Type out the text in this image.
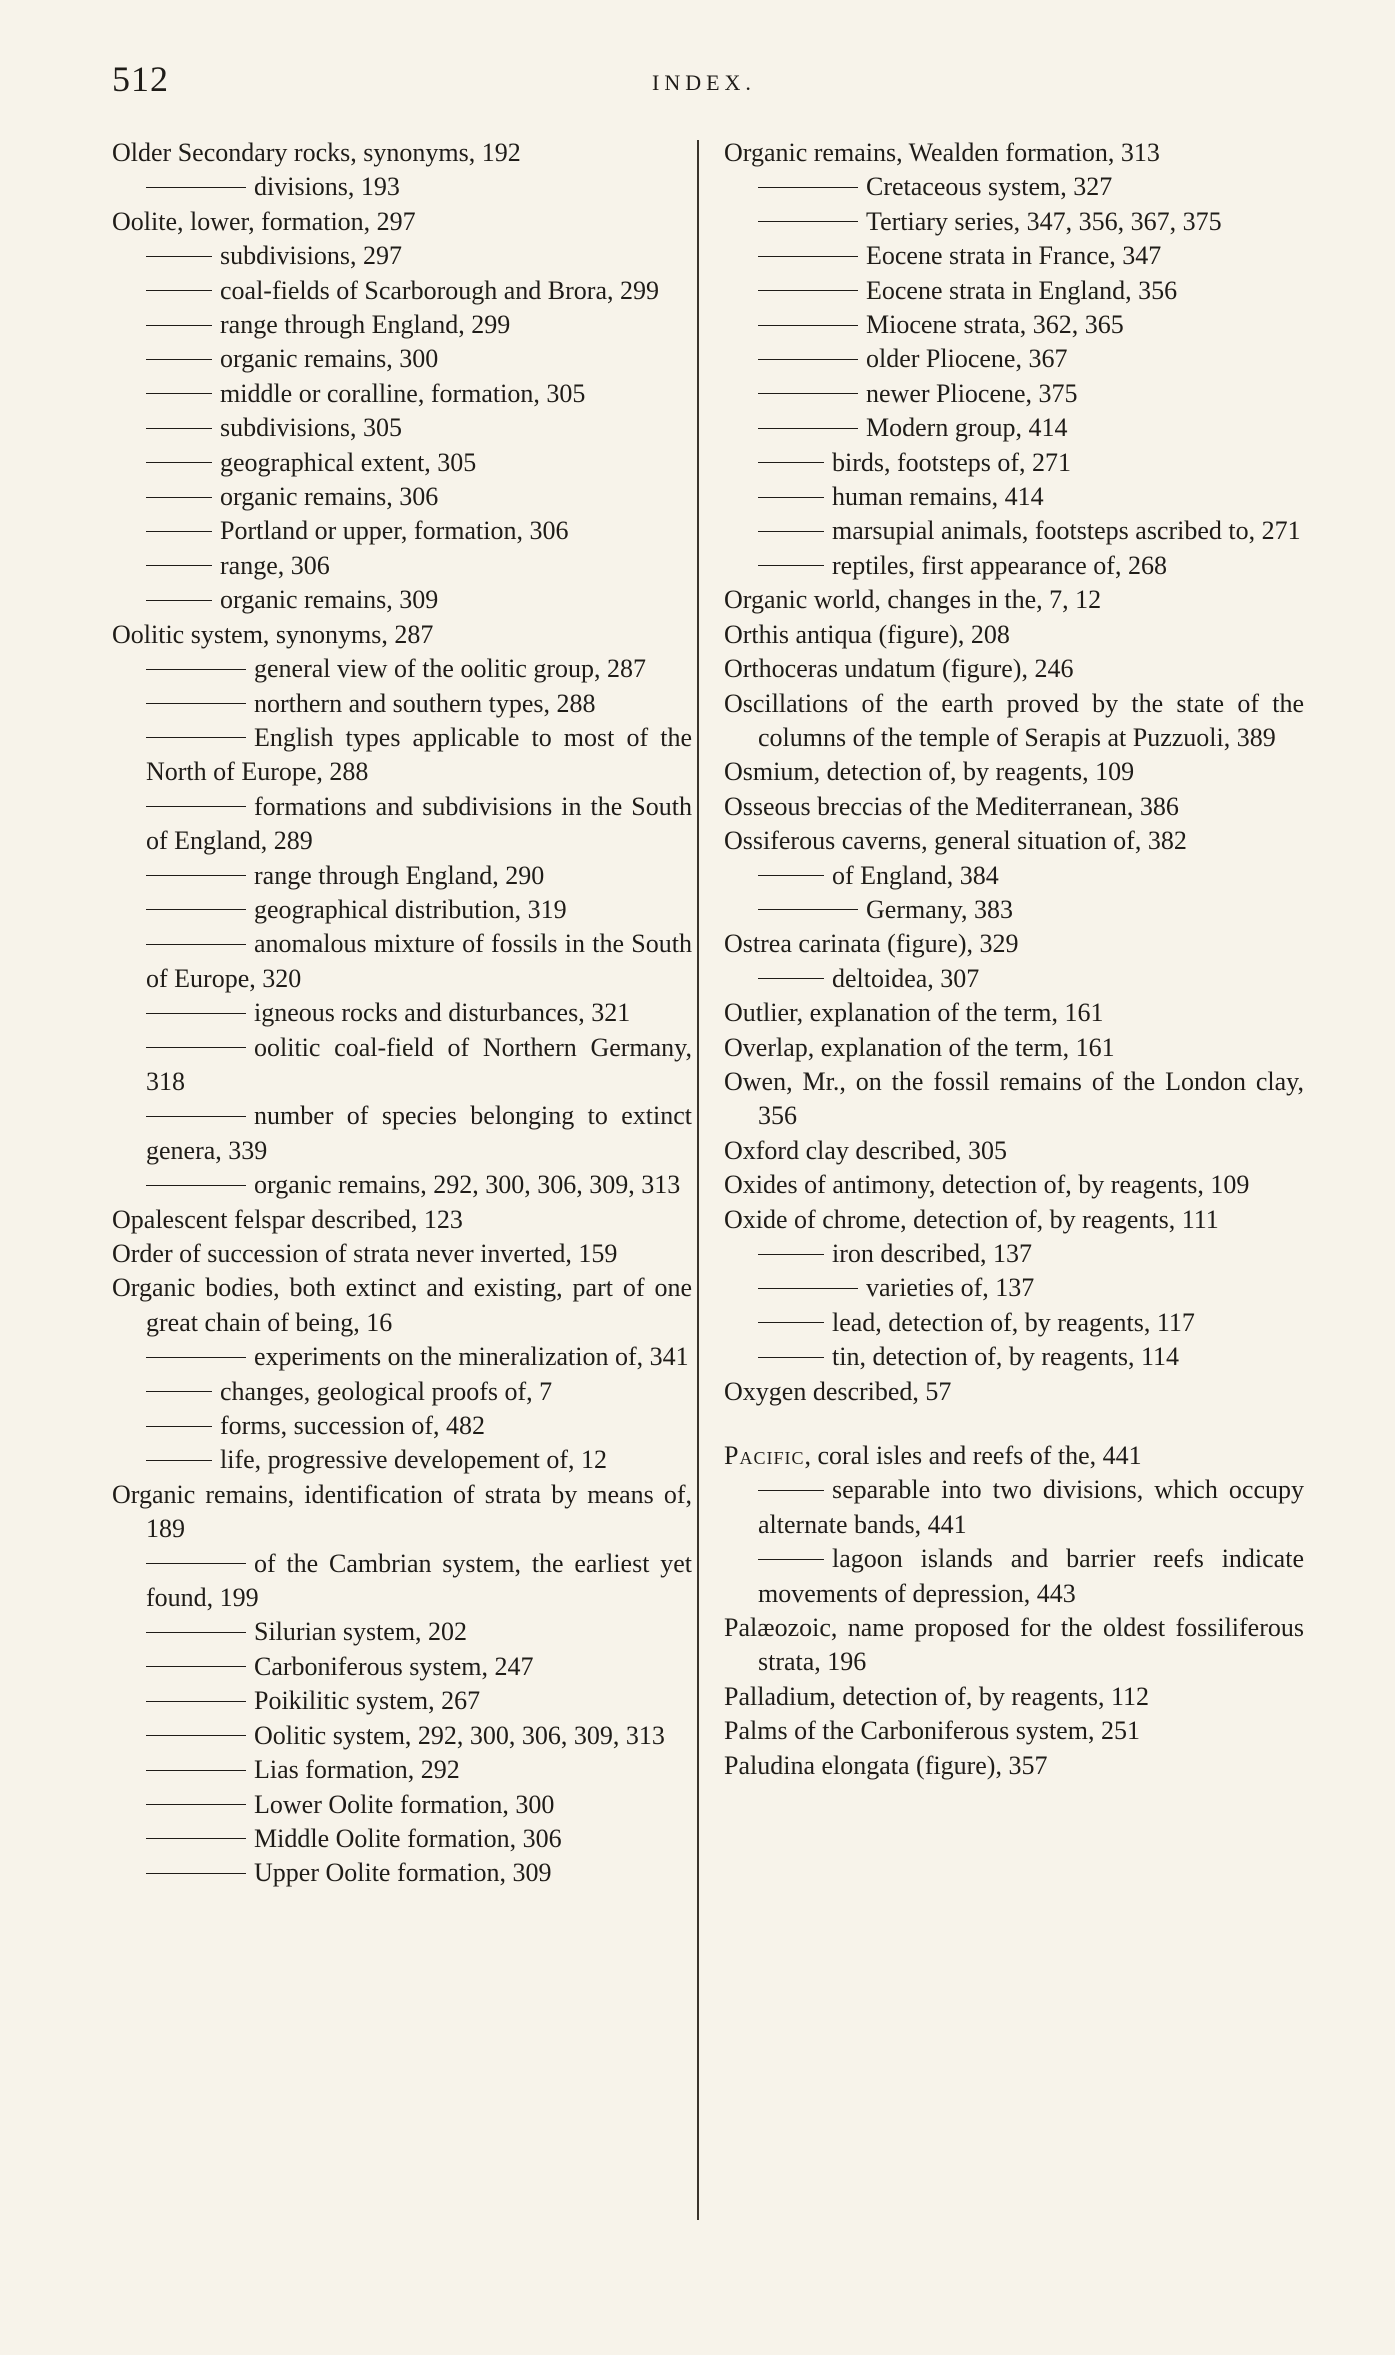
512	INDEX.
Older Secondary rocks, synonyms, 192
divisions, 193
Oolite, lower, formation, 297
subdivisions, 297
coal-fields of Scarborough and Brora, 299
range through England, 299
organic remains, 300
middle or coralline, formation, 305
subdivisions, 305
geographical extent, 305
organic remains, 306
Portland or upper, formation, 306
range, 306
organic remains, 309
Oolitic system, synonyms, 287
general view of the oolitic group, 287
northern and southern types, 288
English types applicable to most of the North of Europe, 288
formations and subdivisions in the South of England, 289
range through England, 290
geographical distribution, 319
anomalous mixture of fossils in the South of Europe, 320
igneous rocks and disturbances, 321
oolitic coal-field of Northern Germany, 318
number of species belonging to extinct genera, 339
organic remains, 292, 300, 306, 309, 313
Opalescent felspar described, 123
Order of succession of strata never inverted, 159
Organic bodies, both extinct and existing, part of one great chain of being, 16
experiments on the mineralization of, 341
changes, geological proofs of, 7
forms, succession of, 482
life, progressive developement of, 12
Organic remains, identification of strata by means of, 189
of the Cambrian system, the earliest yet found, 199
Silurian system, 202
Carboniferous system, 247
Poikilitic system, 267
Oolitic system, 292, 300, 306, 309, 313
Lias formation, 292
Lower Oolite formation, 300
Middle Oolite formation, 306
Upper Oolite formation, 309
Organic remains, Wealden formation, 313
Cretaceous system, 327
Tertiary series, 347, 356, 367, 375
Eocene strata in France, 347
Eocene strata in England, 356
Miocene strata, 362, 365
older Pliocene, 367
newer Pliocene, 375
Modern group, 414
birds, footsteps of, 271
human remains, 414
marsupial animals, footsteps ascribed to, 271
reptiles, first appearance of, 268
Organic world, changes in the, 7, 12
Orthis antiqua (figure), 208
Orthoceras undatum (figure), 246
Oscillations of the earth proved by the state of the columns of the temple of Serapis at Puzzuoli, 389
Osmium, detection of, by reagents, 109
Osseous breccias of the Mediterranean, 386
Ossiferous caverns, general situation of, 382
of England, 384
Germany, 383
Ostrea carinata (figure), 329
deltoidea, 307
Outlier, explanation of the term, 161
Overlap, explanation of the term, 161
Owen, Mr., on the fossil remains of the London clay, 356
Oxford clay described, 305
Oxides of antimony, detection of, by reagents, 109
Oxide of chrome, detection of, by reagents, 111
iron described, 137
varieties of, 137
lead, detection of, by reagents, 117
tin, detection of, by reagents, 114
Oxygen described, 57
Pacific, coral isles and reefs of the, 441
separable into two divisions, which occupy alternate bands, 441
lagoon islands and barrier reefs indicate movements of depression, 443
Palæozoic, name proposed for the oldest fossiliferous strata, 196
Palladium, detection of, by reagents, 112
Palms of the Carboniferous system, 251
Paludina elongata (figure), 357
